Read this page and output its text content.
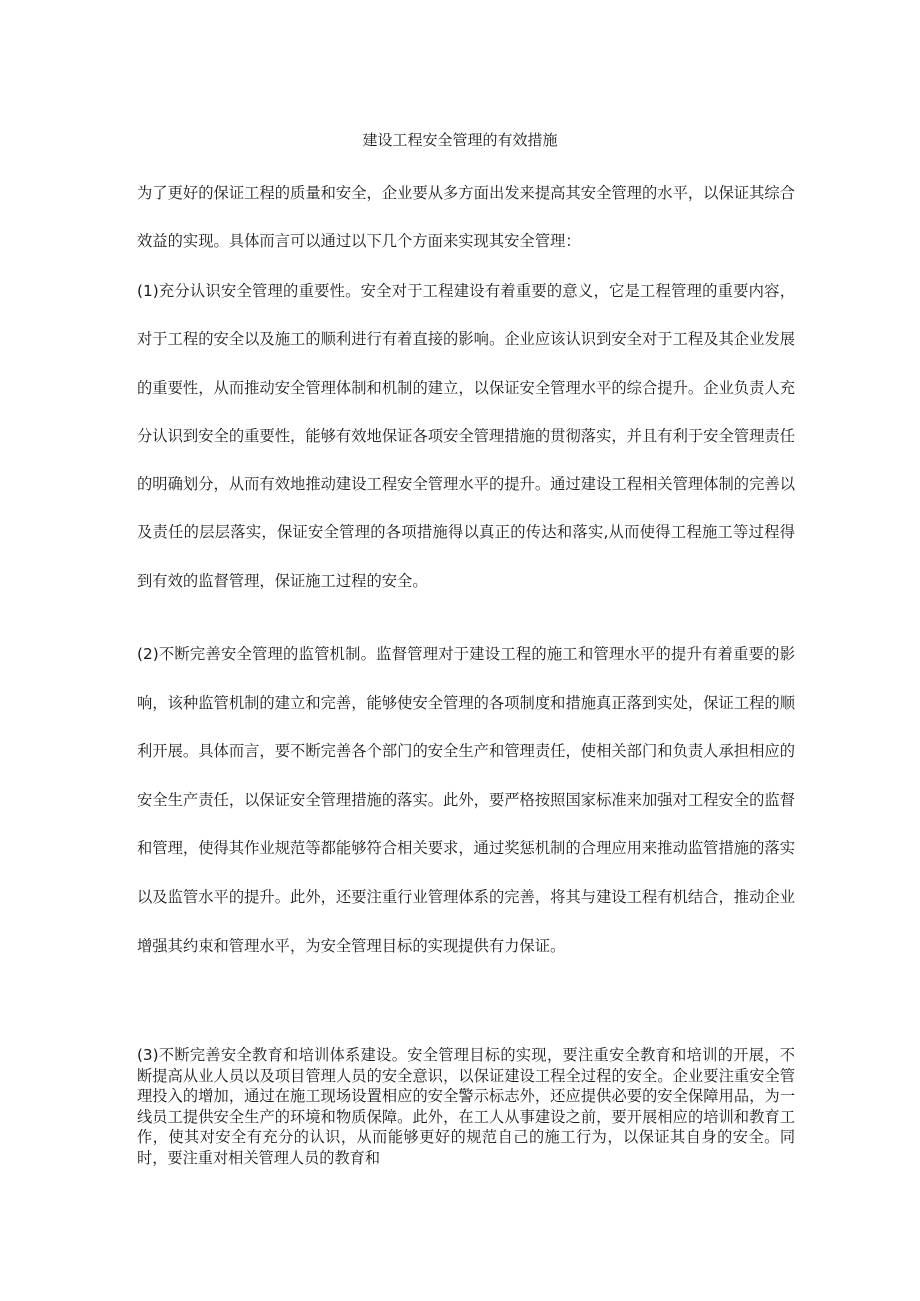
建设工程安全管理的有效措施

为了更好的保证工程的质量和安全，企业要从多方面出发来提高其安全管理的水平，以保证其综合效益的实现。具体而言可以通过以下几个方面来实现其安全管理：

(1)充分认识安全管理的重要性。安全对于工程建设有着重要的意义，它是工程管理的重要内容，对于工程的安全以及施工的顺利进行有着直接的影响。企业应该认识到安全对于工程及其企业发展的重要性，从而推动安全管理体制和机制的建立，以保证安全管理水平的综合提升。企业负责人充分认识到安全的重要性，能够有效地保证各项安全管理措施的贯彻落实，并且有利于安全管理责任的明确划分，从而有效地推动建设工程安全管理水平的提升。通过建设工程相关管理体制的完善以及责任的层层落实，保证安全管理的各项措施得以真正的传达和落实,从而使得工程施工等过程得到有效的监督管理，保证施工过程的安全。

(2)不断完善安全管理的监管机制。监督管理对于建设工程的施工和管理水平的提升有着重要的影响，该种监管机制的建立和完善，能够使安全管理的各项制度和措施真正落到实处，保证工程的顺利开展。具体而言，要不断完善各个部门的安全生产和管理责任，使相关部门和负责人承担相应的安全生产责任，以保证安全管理措施的落实。此外，要严格按照国家标准来加强对工程安全的监督和管理，使得其作业规范等都能够符合相关要求，通过奖惩机制的合理应用来推动监管措施的落实以及监管水平的提升。此外，还要注重行业管理体系的完善，将其与建设工程有机结合，推动企业增强其约束和管理水平，为安全管理目标的实现提供有力保证。

(3)不断完善安全教育和培训体系建设。安全管理目标的实现，要注重安全教育和培训的开展，不断提高从业人员以及项目管理人员的安全意识，以保证建设工程全过程的安全。企业要注重安全管理投入的增加，通过在施工现场设置相应的安全警示标志外，还应提供必要的安全保障用品，为一线员工提供安全生产的环境和物质保障。此外，在工人从事建设之前，要开展相应的培训和教育工作，使其对安全有充分的认识，从而能够更好的规范自己的施工行为，以保证其自身的安全。同时，要注重对相关管理人员的教育和
